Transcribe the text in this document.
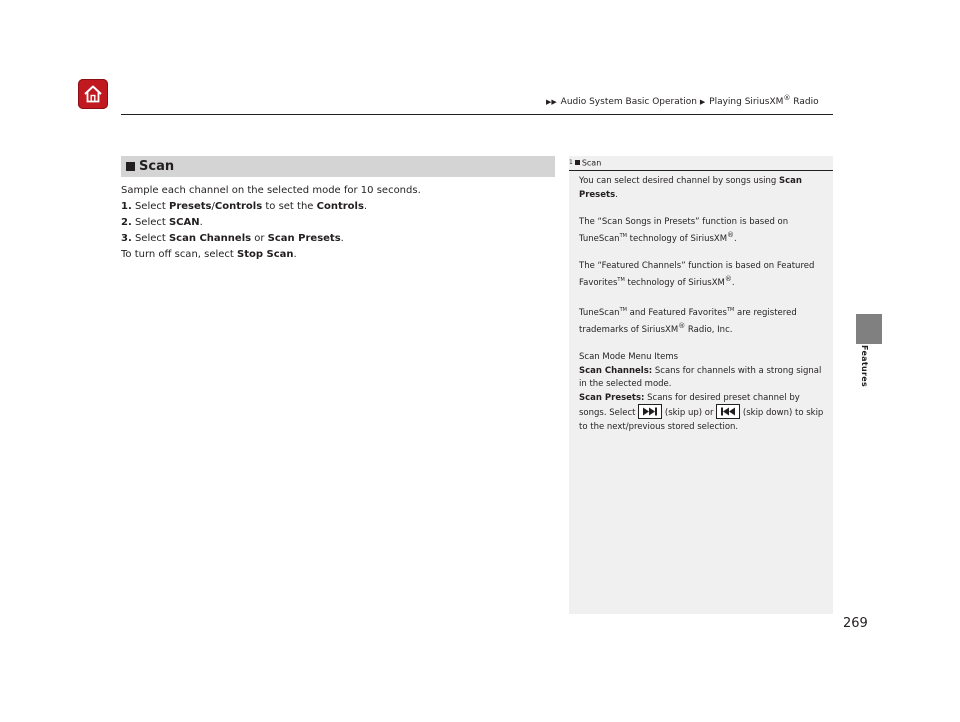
▶▶ Audio System Basic Operation ▶ Playing SiriusXM® Radio
Features
Scan

Sample each channel on the selected mode for 10 seconds.

1. Select Presets/Controls to set the Controls.

2. Select SCAN.

3. Select Scan Channels or Scan Presets.

To turn off scan, select Stop Scan.

1 Scan

You can select desired channel by songs using Scan Presets.

The “Scan Songs in Presets” function is based on TuneScan™ technology of SiriusXM®.

The “Featured Channels” function is based on Featured Favorites™ technology of SiriusXM®.

TuneScan™ and Featured Favorites™ are registered trademarks of SiriusXM® Radio, Inc.

Scan Mode Menu Items

Scan Channels: Scans for channels with a strong signal in the selected mode.

Scan Presets: Scans for desired preset channel by songs. Select	(skip up) or	(skip down) to skip to the next/previous stored selection.

269
